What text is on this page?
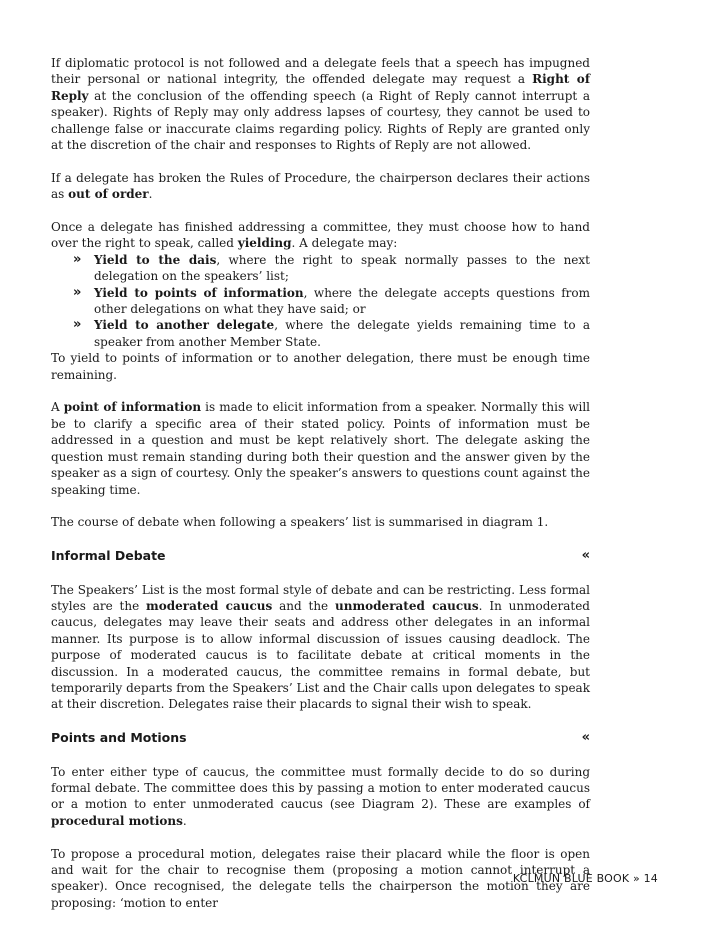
If diplomatic protocol is not followed and a delegate feels that a speech has impugned their personal or national integrity, the offended delegate may request a Right of Reply at the conclusion of the offending speech (a Right of Reply cannot interrupt a speaker). Rights of Reply may only address lapses of courtesy, they cannot be used to challenge false or inaccurate claims regarding policy. Rights of Reply are granted only at the discretion of the chair and responses to Rights of Reply are not allowed.

If a delegate has broken the Rules of Procedure, the chairperson declares their actions as out of order.

Once a delegate has finished addressing a committee, they must choose how to hand over the right to speak, called yielding. A delegate may:

» Yield to the dais, where the right to speak normally passes to the next delegation on the speakers’ list;
» Yield to points of information, where the delegate accepts questions from other delegations on what they have said; or
» Yield to another delegate, where the delegate yields remaining time to a speaker from another Member State.

To yield to points of information or to another delegation, there must be enough time remaining.

A point of information is made to elicit information from a speaker. Normally this will be to clarify a specific area of their stated policy. Points of information must be addressed in a question and must be kept relatively short. The delegate asking the question must remain standing during both their question and the answer given by the speaker as a sign of courtesy. Only the speaker’s answers to questions count against the speaking time.

The course of debate when following a speakers’ list is summarised in diagram 1.

Informal Debate	«

The Speakers’ List is the most formal style of debate and can be restricting. Less formal styles are the moderated caucus and the unmoderated caucus. In unmoderated caucus, delegates may leave their seats and address other delegates in an informal manner. Its purpose is to allow informal discussion of issues causing deadlock. The purpose of moderated caucus is to facilitate debate at critical moments in the discussion. In a moderated caucus, the committee remains in formal debate, but temporarily departs from the Speakers’ List and the Chair calls upon delegates to speak at their discretion. Delegates raise their placards to signal their wish to speak.

Points and Motions	«

To enter either type of caucus, the committee must formally decide to do so during formal debate. The committee does this by passing a motion to enter moderated caucus or a motion to enter unmoderated caucus (see Diagram 2). These are examples of procedural motions.

To propose a procedural motion, delegates raise their placard while the floor is open and wait for the chair to recognise them (proposing a motion cannot interrupt a speaker). Once recognised, the delegate tells the chairperson the motion they are proposing: ‘motion to enter

KCLMUN BLUE BOOK » 14
